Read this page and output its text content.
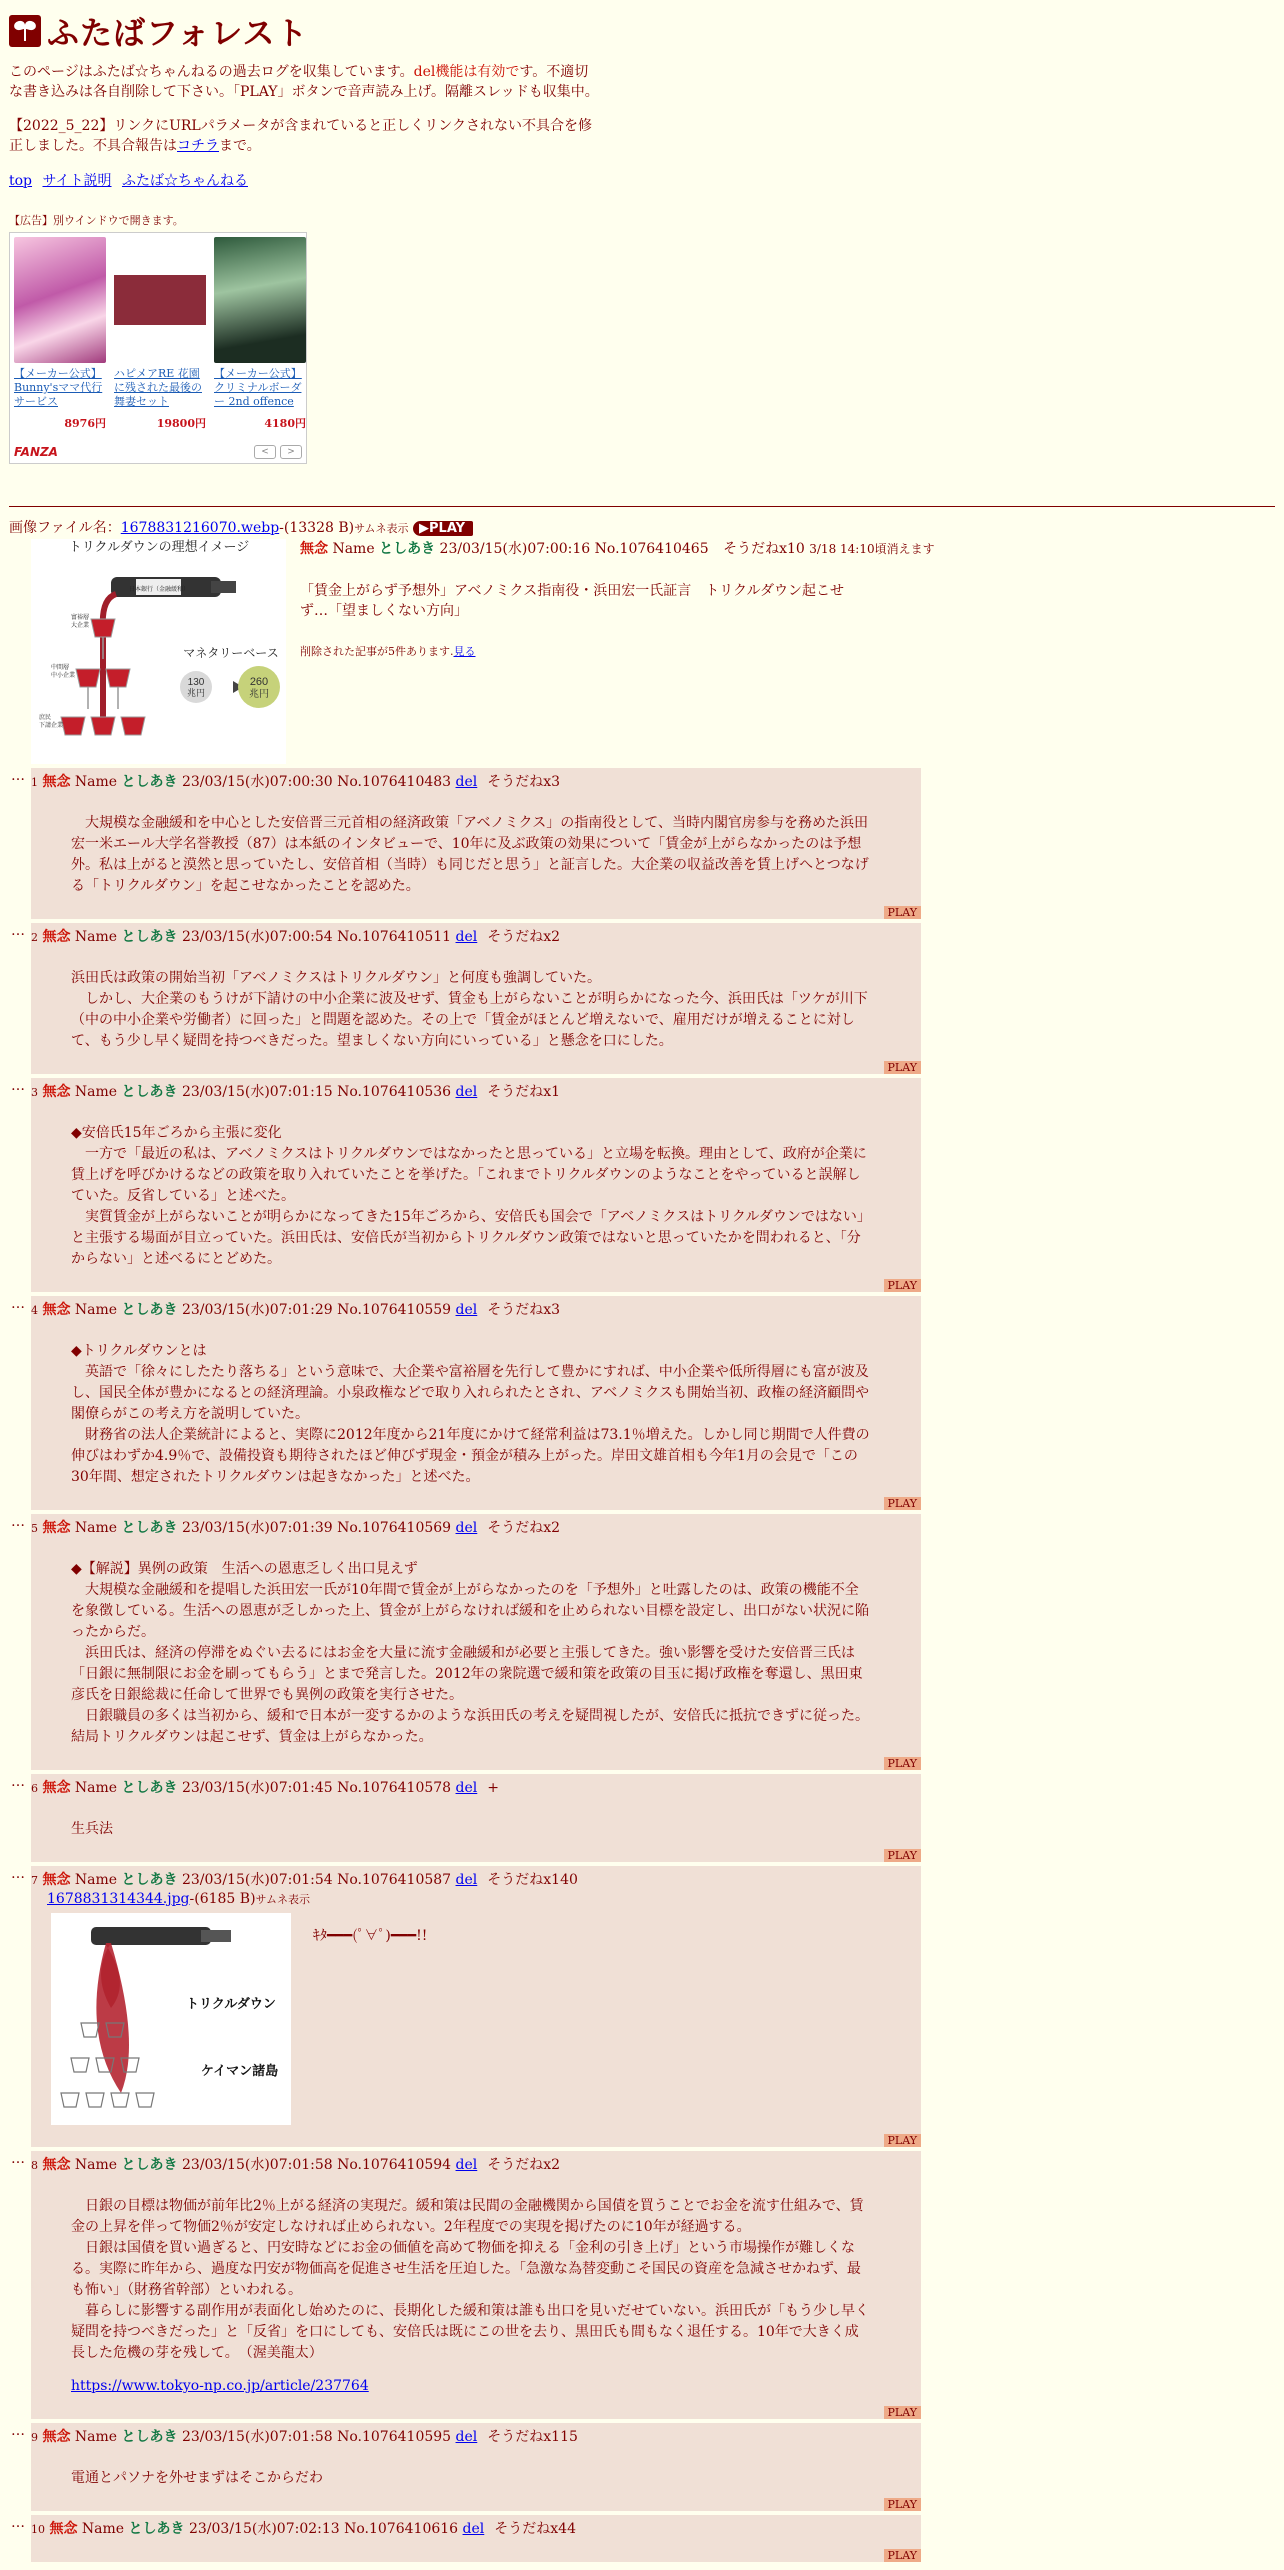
ふたばフォレスト
このページはふたば☆ちゃんねるの過去ログを収集しています。del機能は有効です。不適切な書き込みは各自削除して下さい。「PLAY」ボタンで音声読み上げ。隔離スレッドも収集中。
【2022_5_22】リンクにURLパラメータが含まれていると正しくリンクされない不具合を修正しました。不具合報告はコチラまで。
top サイト説明 ふたば☆ちゃんねる
【広告】別ウインドウで開きます。
【メーカー公式】Bunny'sママ代行サービス
8976円
ハピメアRE 花園に残された最後の舞妻セット
19800円
【メーカー公式】クリミナルボーダー 2nd offence
4180円
FANZA	<	>
画像ファイル名：1678831216070.webp-(13328 B)サムネ表示 ▶PLAY
トリクルダウンの理想イメージ
日本銀行（金融緩和）
富裕層
大企業
中間層
中小企業
庶民
下請企業
マネタリーベース
130
兆円
260
兆円
無念 Name としあき 23/03/15(水)07:00:16 No.1076410465 そうだねx10 3/18 14:10頃消えます
「賃金上がらず予想外」アベノミクス指南役・浜田宏一氏証言　トリクルダウン起こせず…「望ましくない方向」
削除された記事が5件あります.見る
… 1 無念 Name としあき 23/03/15(水)07:00:30 No.1076410483 del そうだねx3
　大規模な金融緩和を中心とした安倍晋三元首相の経済政策「アベノミクス」の指南役として、当時内閣官房参与を務めた浜田宏一米エール大学名誉教授（87）は本紙のインタビューで、10年に及ぶ政策の効果について「賃金が上がらなかったのは予想外。私は上がると漠然と思っていたし、安倍首相（当時）も同じだと思う」と証言した。大企業の収益改善を賃上げへとつなげる「トリクルダウン」を起こせなかったことを認めた。
PLAY
… 2 無念 Name としあき 23/03/15(水)07:00:54 No.1076410511 del そうだねx2
浜田氏は政策の開始当初「アベノミクスはトリクルダウン」と何度も強調していた。
　しかし、大企業のもうけが下請けの中小企業に波及せず、賃金も上がらないことが明らかになった今、浜田氏は「ツケが川下（中の中小企業や労働者）に回った」と問題を認めた。その上で「賃金がほとんど増えないで、雇用だけが増えることに対して、もう少し早く疑問を持つべきだった。望ましくない方向にいっている」と懸念を口にした。
PLAY
… 3 無念 Name としあき 23/03/15(水)07:01:15 No.1076410536 del そうだねx1
◆安倍氏15年ごろから主張に変化
　一方で「最近の私は、アベノミクスはトリクルダウンではなかったと思っている」と立場を転換。理由として、政府が企業に賃上げを呼びかけるなどの政策を取り入れていたことを挙げた。「これまでトリクルダウンのようなことをやっていると誤解していた。反省している」と述べた。
　実質賃金が上がらないことが明らかになってきた15年ごろから、安倍氏も国会で「アベノミクスはトリクルダウンではない」と主張する場面が目立っていた。浜田氏は、安倍氏が当初からトリクルダウン政策ではないと思っていたかを問われると、「分からない」と述べるにとどめた。
PLAY
… 4 無念 Name としあき 23/03/15(水)07:01:29 No.1076410559 del そうだねx3
◆トリクルダウンとは
　英語で「徐々にしたたり落ちる」という意味で、大企業や富裕層を先行して豊かにすれば、中小企業や低所得層にも富が波及し、国民全体が豊かになるとの経済理論。小泉政権などで取り入れられたとされ、アベノミクスも開始当初、政権の経済顧問や閣僚らがこの考え方を説明していた。
　財務省の法人企業統計によると、実際に2012年度から21年度にかけて経常利益は73.1％増えた。しかし同じ期間で人件費の伸びはわずか4.9％で、設備投資も期待されたほど伸びず現金・預金が積み上がった。岸田文雄首相も今年1月の会見で「この30年間、想定されたトリクルダウンは起きなかった」と述べた。
PLAY
… 5 無念 Name としあき 23/03/15(水)07:01:39 No.1076410569 del そうだねx2
◆【解説】異例の政策　生活への恩恵乏しく出口見えず
　大規模な金融緩和を提唱した浜田宏一氏が10年間で賃金が上がらなかったのを「予想外」と吐露したのは、政策の機能不全を象徴している。生活への恩恵が乏しかった上、賃金が上がらなければ緩和を止められない目標を設定し、出口がない状況に陥ったからだ。
　浜田氏は、経済の停滞をぬぐい去るにはお金を大量に流す金融緩和が必要と主張してきた。強い影響を受けた安倍晋三氏は「日銀に無制限にお金を刷ってもらう」とまで発言した。2012年の衆院選で緩和策を政策の目玉に掲げ政権を奪還し、黒田東彦氏を日銀総裁に任命して世界でも異例の政策を実行させた。
　日銀職員の多くは当初から、緩和で日本が一変するかのような浜田氏の考えを疑問視したが、安倍氏に抵抗できずに従った。結局トリクルダウンは起こせず、賃金は上がらなかった。
PLAY
… 6 無念 Name としあき 23/03/15(水)07:01:45 No.1076410578 del +
生兵法
PLAY
… 7 無念 Name としあき 23/03/15(水)07:01:54 No.1076410587 del そうだねx140
1678831314344.jpg-(6185 B)サムネ表示
トリクルダウン
ケイマン諸島
ｷﾀ━━━(ﾟ∀ﾟ)━━━!!
PLAY
… 8 無念 Name としあき 23/03/15(水)07:01:58 No.1076410594 del そうだねx2
　日銀の目標は物価が前年比2％上がる経済の実現だ。緩和策は民間の金融機関から国債を買うことでお金を流す仕組みで、賃金の上昇を伴って物価2％が安定しなければ止められない。2年程度での実現を掲げたのに10年が経過する。
　日銀は国債を買い過ぎると、円安時などにお金の価値を高めて物価を抑える「金利の引き上げ」という市場操作が難しくなる。実際に昨年から、過度な円安が物価高を促進させ生活を圧迫した。「急激な為替変動こそ国民の資産を急減させかねず、最も怖い」（財務省幹部）といわれる。
　暮らしに影響する副作用が表面化し始めたのに、長期化した緩和策は誰も出口を見いだせていない。浜田氏が「もう少し早く疑問を持つべきだった」と「反省」を口にしても、安倍氏は既にこの世を去り、黒田氏も間もなく退任する。10年で大きく成長した危機の芽を残して。　（渥美龍太）
https://www.tokyo-np.co.jp/article/237764
PLAY
… 9 無念 Name としあき 23/03/15(水)07:01:58 No.1076410595 del そうだねx115
電通とパソナを外せまずはそこからだわ
PLAY
… 10 無念 Name としあき 23/03/15(水)07:02:13 No.1076410616 del そうだねx44
PLAY
